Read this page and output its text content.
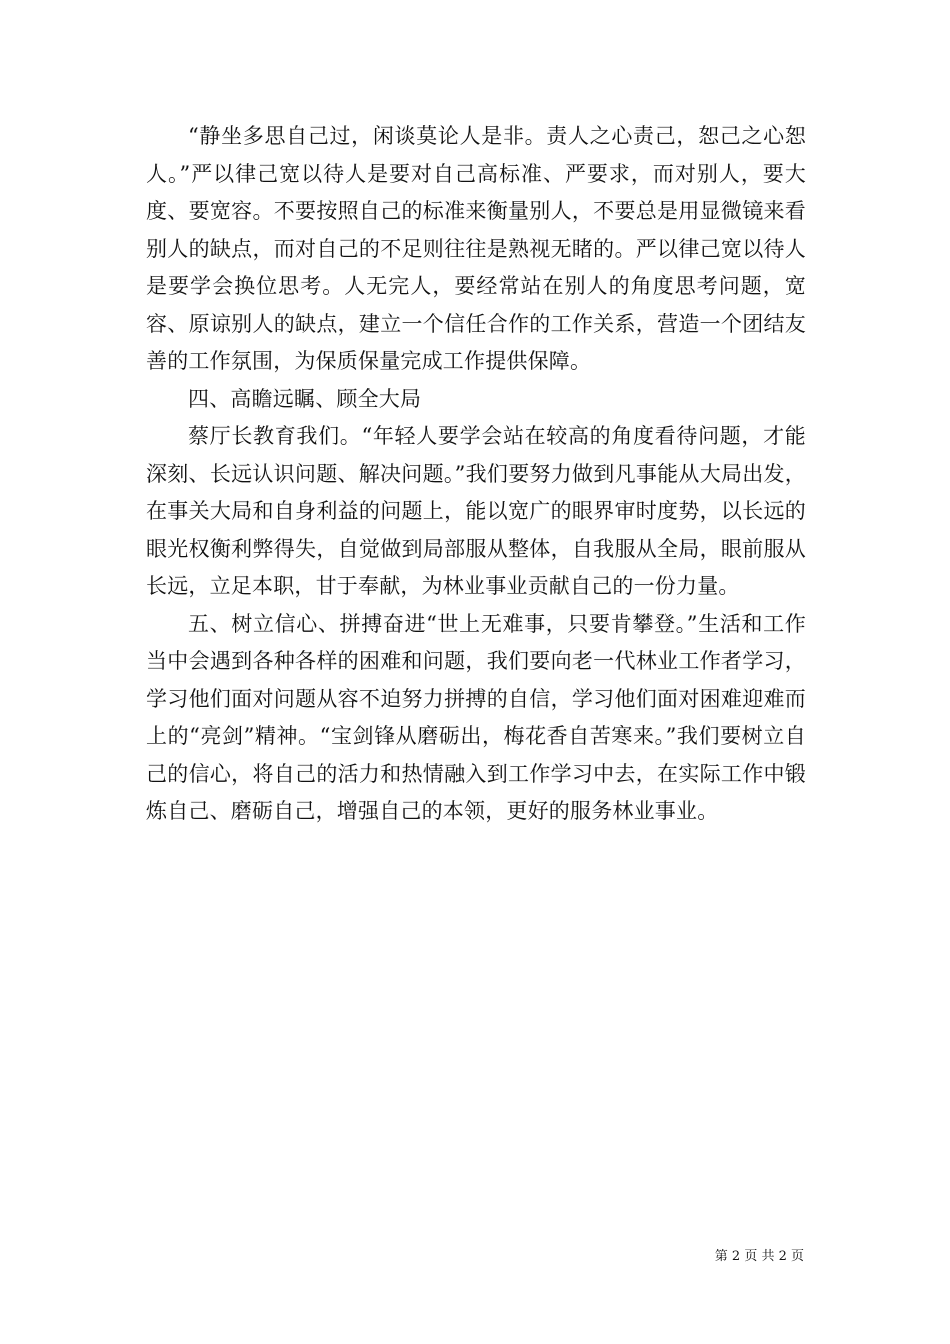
“静坐多思自己过，闲谈莫论人是非。责人之心责己，恕己之心恕人。”严以律己宽以待人是要对自己高标准、严要求，而对别人，要大度、要宽容。不要按照自己的标准来衡量别人，不要总是用显微镜来看别人的缺点，而对自己的不足则往往是熟视无睹的。严以律己宽以待人是要学会换位思考。人无完人，要经常站在别人的角度思考问题，宽容、原谅别人的缺点，建立一个信任合作的工作关系，营造一个团结友善的工作氛围，为保质保量完成工作提供保障。

四、高瞻远瞩、顾全大局

蔡厅长教育我们。“年轻人要学会站在较高的角度看待问题，才能深刻、长远认识问题、解决问题。”我们要努力做到凡事能从大局出发，在事关大局和自身利益的问题上，能以宽广的眼界审时度势，以长远的眼光权衡利弊得失，自觉做到局部服从整体，自我服从全局，眼前服从长远，立足本职，甘于奉献，为林业事业贡献自己的一份力量。

五、树立信心、拼搏奋进“世上无难事，只要肯攀登。”生活和工作当中会遇到各种各样的困难和问题，我们要向老一代林业工作者学习，学习他们面对问题从容不迫努力拼搏的自信，学习他们面对困难迎难而上的“亮剑”精神。“宝剑锋从磨砺出，梅花香自苦寒来。”我们要树立自己的信心，将自己的活力和热情融入到工作学习中去，在实际工作中锻炼自己、磨砺自己，增强自己的本领，更好的服务林业事业。

第 2 页 共 2 页
